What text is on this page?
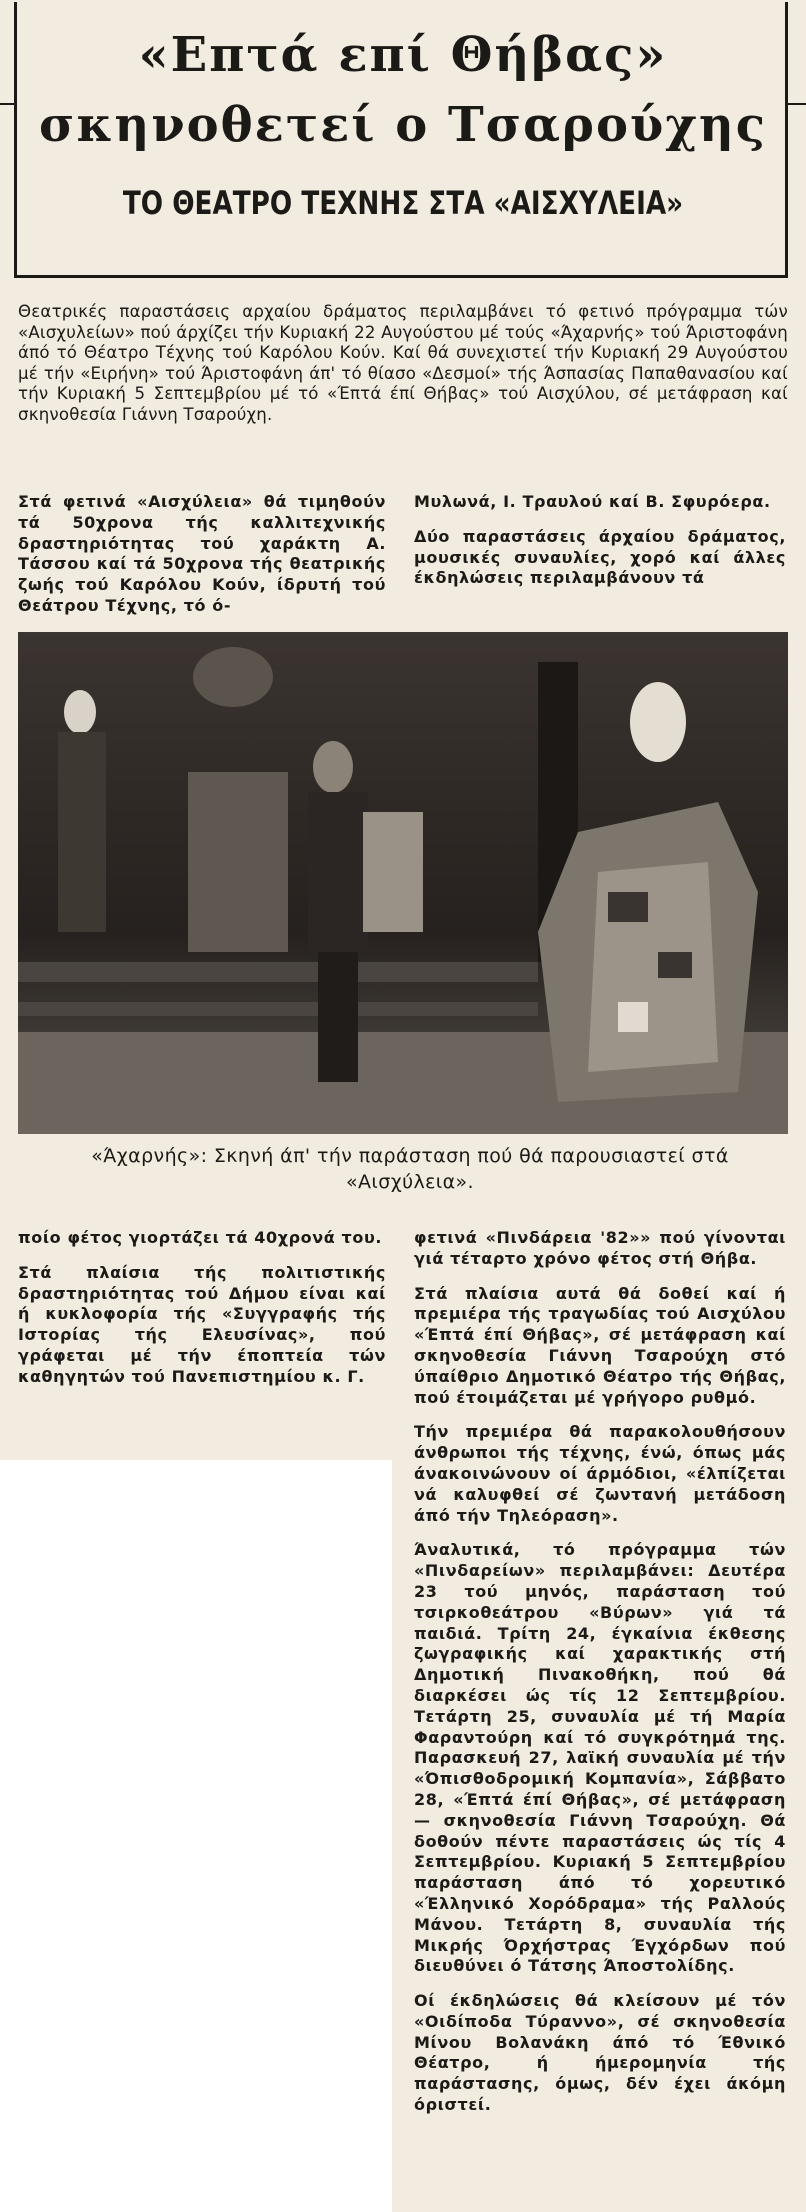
«Επτά επί Θήβας»
σκηνοθετεί ο Τσαρούχης
ΤΟ ΘΕΑΤΡΟ ΤΕΧΝΗΣ ΣΤΑ «ΑΙΣΧΥΛΕΙΑ»
Θεατρικές παραστάσεις αρχαίου δράματος περιλαμβάνει τό φετινό πρόγραμμα τών «Αισχυλείων» πού άρχίζει τήν Κυριακή 22 Αυγούστου μέ τούς «Άχαρνής» τού Άριστοφάνη άπό τό Θέατρο Τέχνης τού Καρόλου Κούν. Καί θά συνεχιστεί τήν Κυριακή 29 Αυγούστου μέ τήν «Ειρήνη» τού Άριστοφάνη άπ' τό θίασο «Δεσμοί» τής Άσπασίας Παπαθανασίου καί τήν Κυριακή 5 Σεπτεμβρίου μέ τό «Έπτά έπί Θήβας» τού Αισχύλου, σέ μετάφραση καί σκηνοθεσία Γιάννη Τσαρούχη.

Στά φετινά «Αισχύλεια» θά τιμηθούν τά 50χρονα τής καλλιτεχνικής δραστηριότητας τού χαράκτη Α. Τάσσου καί τά 50χρονα τής θεατρικής ζωής τού Καρόλου Κούν, ίδρυτή τού Θεάτρου Τέχνης, τό ό-

Μυλωνά, Ι. Τραυλού καί Β. Σφυρόερα.

Δύο παραστάσεις άρχαίου δράματος, μουσικές συναυλίες, χορό καί άλλες έκδηλώσεις περιλαμβάνουν τά

«Άχαρνής»: Σκηνή άπ' τήν παράσταση πού θά παρουσιαστεί στά «Αισχύλεια».

ποίο φέτος γιορτάζει τά 40χρονά του.

Στά πλαίσια τής πολιτιστικής δραστηριότητας τού Δήμου είναι καί ή κυκλοφορία τής «Συγγραφής τής Ιστορίας τής Ελευσίνας», πού γράφεται μέ τήν έποπτεία τών καθηγητών τού Πανεπιστημίου κ. Γ.

φετινά «Πινδάρεια '82»» πού γίνονται γιά τέταρτο χρόνο φέτος στή Θήβα.

Στά πλαίσια αυτά θά δοθεί καί ή πρεμιέρα τής τραγωδίας τού Αισχύλου «Έπτά έπί Θήβας», σέ μετάφραση καί σκηνοθεσία Γιάννη Τσαρούχη στό ύπαίθριο Δημοτικό Θέατρο τής Θήβας, πού έτοιμάζεται μέ γρήγορο ρυθμό.

Τήν πρεμιέρα θά παρακολουθήσουν άνθρωποι τής τέχνης, ένώ, όπως μάς άνακοινώνουν οί άρμόδιοι, «έλπίζεται νά καλυφθεί σέ ζωντανή μετάδοση άπό τήν Τηλεόραση».

Άναλυτικά, τό πρόγραμμα τών «Πινδαρείων» περιλαμβάνει: Δευτέρα 23 τού μηνός, παράσταση τού τσιρκοθεάτρου «Βύρων» γιά τά παιδιά. Τρίτη 24, έγκαίνια έκθεσης ζωγραφικής καί χαρακτικής στή Δημοτική Πινακοθήκη, πού θά διαρκέσει ώς τίς 12 Σεπτεμβρίου. Τετάρτη 25, συναυλία μέ τή Μαρία Φαραντούρη καί τό συγκρότημά της. Παρασκευή 27, λαϊκή συναυλία μέ τήν «Όπισθοδρομική Κομπανία», Σάββατο 28, «Έπτά έπί Θήβας», σέ μετάφραση — σκηνοθεσία Γιάννη Τσαρούχη. Θά δοθούν πέντε παραστάσεις ώς τίς 4 Σεπτεμβρίου. Κυριακή 5 Σεπτεμβρίου παράσταση άπό τό χορευτικό «Έλληνικό Χορόδραμα» τής Ραλλούς Μάνου. Τετάρτη 8, συναυλία τής Μικρής Όρχήστρας Έγχόρδων πού διευθύνει ό Τάτσης Άποστολίδης.

Οί έκδηλώσεις θά κλείσουν μέ τόν «Οιδίποδα Τύραννο», σέ σκηνοθεσία Μίνου Βολανάκη άπό τό Έθνικό Θέατρο, ή ήμερομηνία τής παράστασης, όμως, δέν έχει άκόμη όριστεί.
